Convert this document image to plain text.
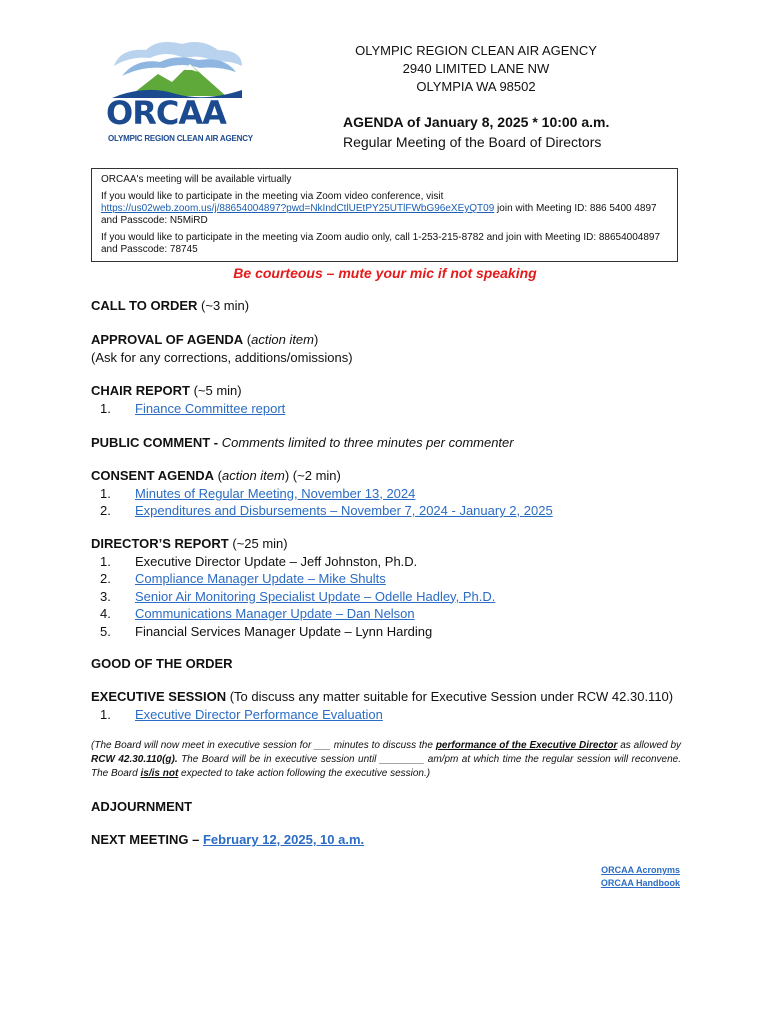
ORCAA
OLYMPIC REGION CLEAN AIR AGENCY
OLYMPIC REGION CLEAN AIR AGENCY
2940 LIMITED LANE NW
OLYMPIA WA 98502
AGENDA of January 8, 2025 * 10:00 a.m.
Regular Meeting of the Board of Directors

ORCAA's meeting will be available virtually

If you would like to participate in the meeting via Zoom video conference, visit
https://us02web.zoom.us/j/88654004897?pwd=NkIndCtlUEtPY25UTlFWbG96eXEyQT09 join with Meeting ID: 886 5400 4897
and Passcode: N5MiRD

If you would like to participate in the meeting via Zoom audio only, call 1-253-215-8782 and join with Meeting ID: 88654004897
and Passcode: 78745

Be courteous – mute your mic if not speaking
CALL TO ORDER (~3 min)
APPROVAL OF AGENDA (action item)
(Ask for any corrections, additions/omissions)
CHAIR REPORT (~5 min)
1.	Finance Committee report
PUBLIC COMMENT - Comments limited to three minutes per commenter
CONSENT AGENDA (action item) (~2 min)
1.	Minutes of Regular Meeting, November 13, 2024
2.	Expenditures and Disbursements – November 7, 2024 - January 2, 2025
DIRECTOR’S REPORT (~25 min)
1.	Executive Director Update – Jeff Johnston, Ph.D.
2.	Compliance Manager Update – Mike Shults
3.	Senior Air Monitoring Specialist Update – Odelle Hadley, Ph.D.
4.	Communications Manager Update – Dan Nelson
5.	Financial Services Manager Update – Lynn Harding
GOOD OF THE ORDER
EXECUTIVE SESSION (To discuss any matter suitable for Executive Session under RCW 42.30.110)
1.	Executive Director Performance Evaluation
(The Board will now meet in executive session for ___ minutes to discuss the performance of the Executive Director as allowed by RCW 42.30.110(g). The Board will be in executive session until ________ am/pm at which time the regular session will reconvene. The Board is/is not expected to take action following the executive session.)
ADJOURNMENT
NEXT MEETING – February 12, 2025, 10 a.m.
ORCAA Acronyms
ORCAA Handbook
